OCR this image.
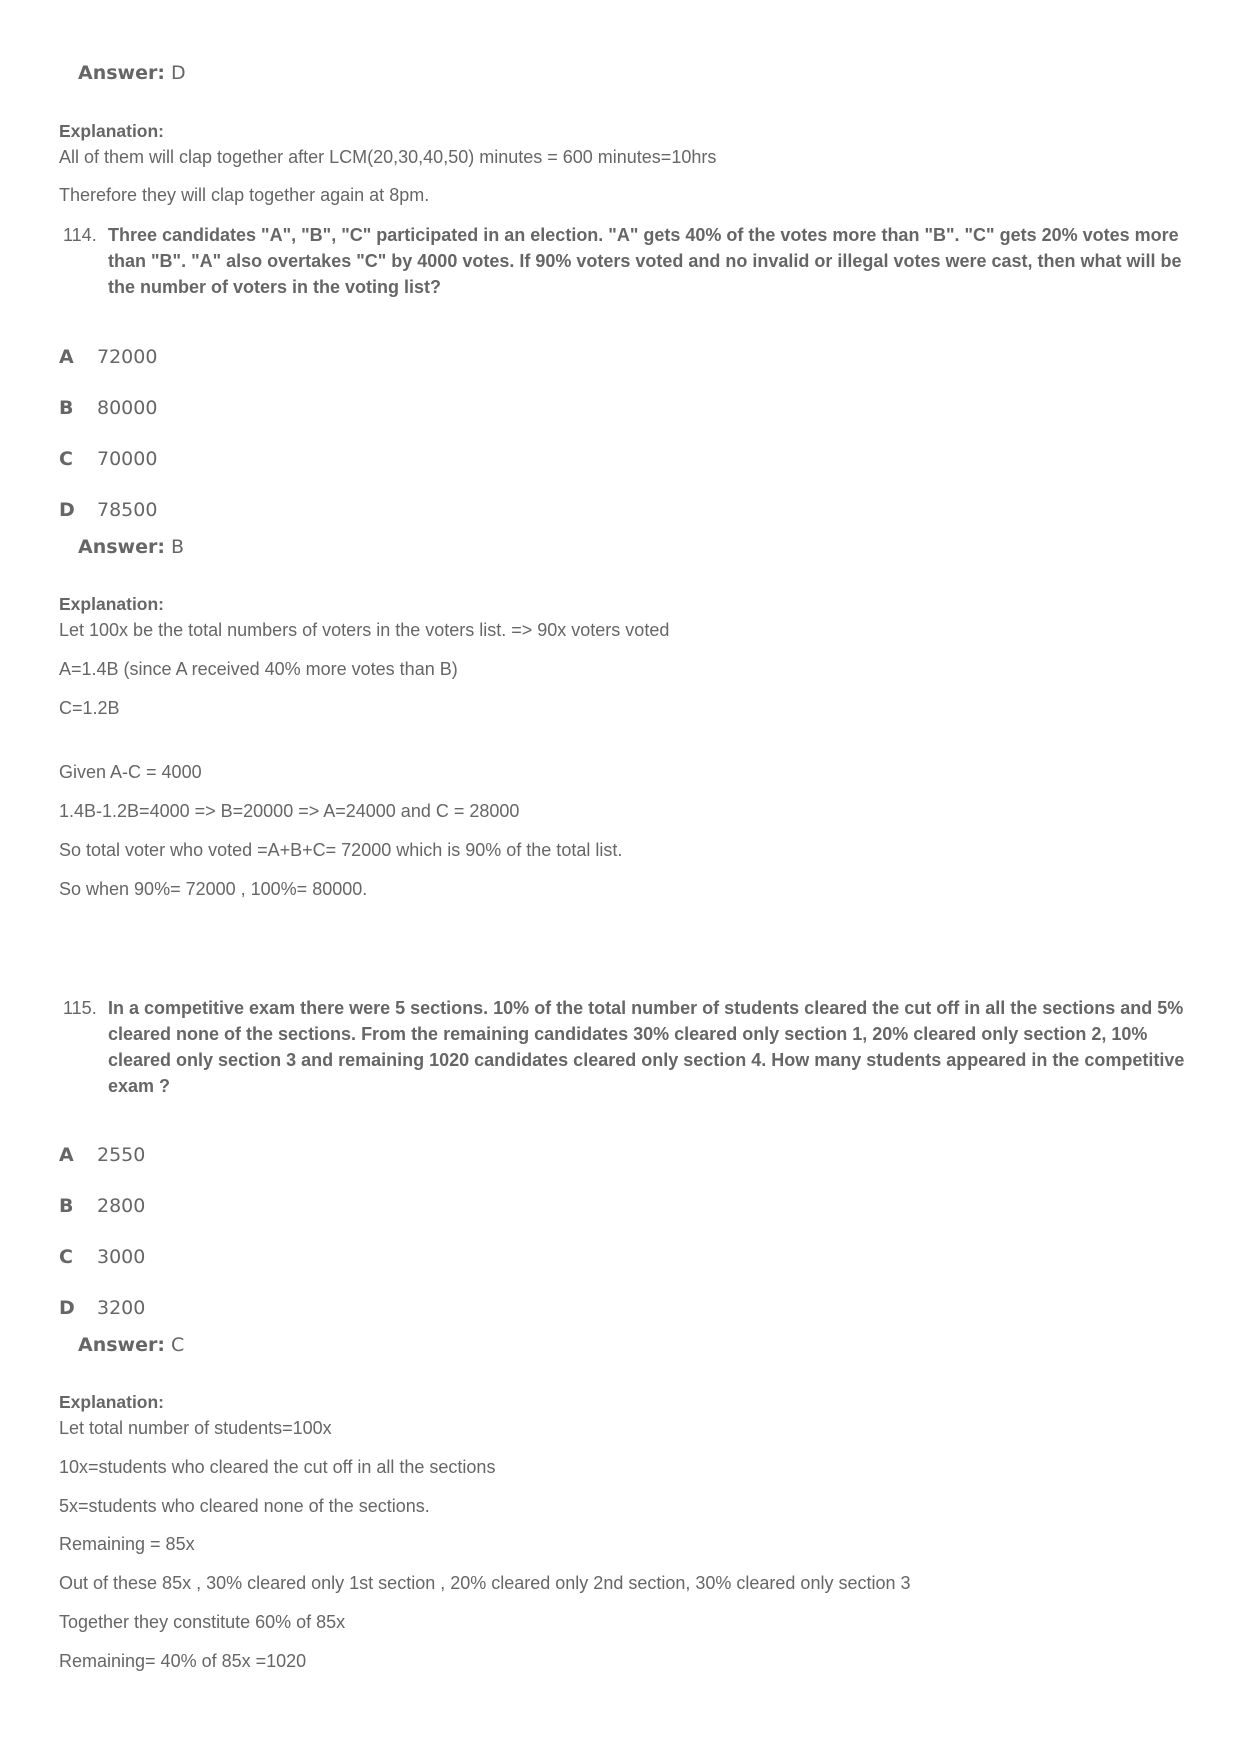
Answer: D
Explanation:
All of them will clap together after LCM(20,30,40,50) minutes = 600 minutes=10hrs
Therefore they will clap together again at 8pm.
114. Three candidates "A", "B", "C" participated in an election. "A" gets 40% of the votes more than "B". "C" gets 20% votes more than "B". "A" also overtakes "C" by 4000 votes. If 90% voters voted and no invalid or illegal votes were cast, then what will be the number of voters in the voting list?
A 72000
B 80000
C 70000
D 78500
Answer: B
Explanation:
Let 100x be the total numbers of voters in the voters list. => 90x voters voted
A=1.4B (since A received 40% more votes than B)
C=1.2B
Given A-C = 4000
1.4B-1.2B=4000 => B=20000 => A=24000 and C = 28000
So total voter who voted =A+B+C= 72000 which is 90% of the total list.
So when 90%= 72000 , 100%= 80000.
115. In a competitive exam there were 5 sections. 10% of the total number of students cleared the cut off in all the sections and 5% cleared none of the sections. From the remaining candidates 30% cleared only section 1, 20% cleared only section 2, 10% cleared only section 3 and remaining 1020 candidates cleared only section 4. How many students appeared in the competitive exam ?
A 2550
B 2800
C 3000
D 3200
Answer: C
Explanation:
Let total number of students=100x
10x=students who cleared the cut off in all the sections
5x=students who cleared none of the sections.
Remaining = 85x
Out of these 85x , 30% cleared only 1st section , 20% cleared only 2nd section, 30% cleared only section 3
Together they constitute 60% of 85x
Remaining= 40% of 85x =1020
